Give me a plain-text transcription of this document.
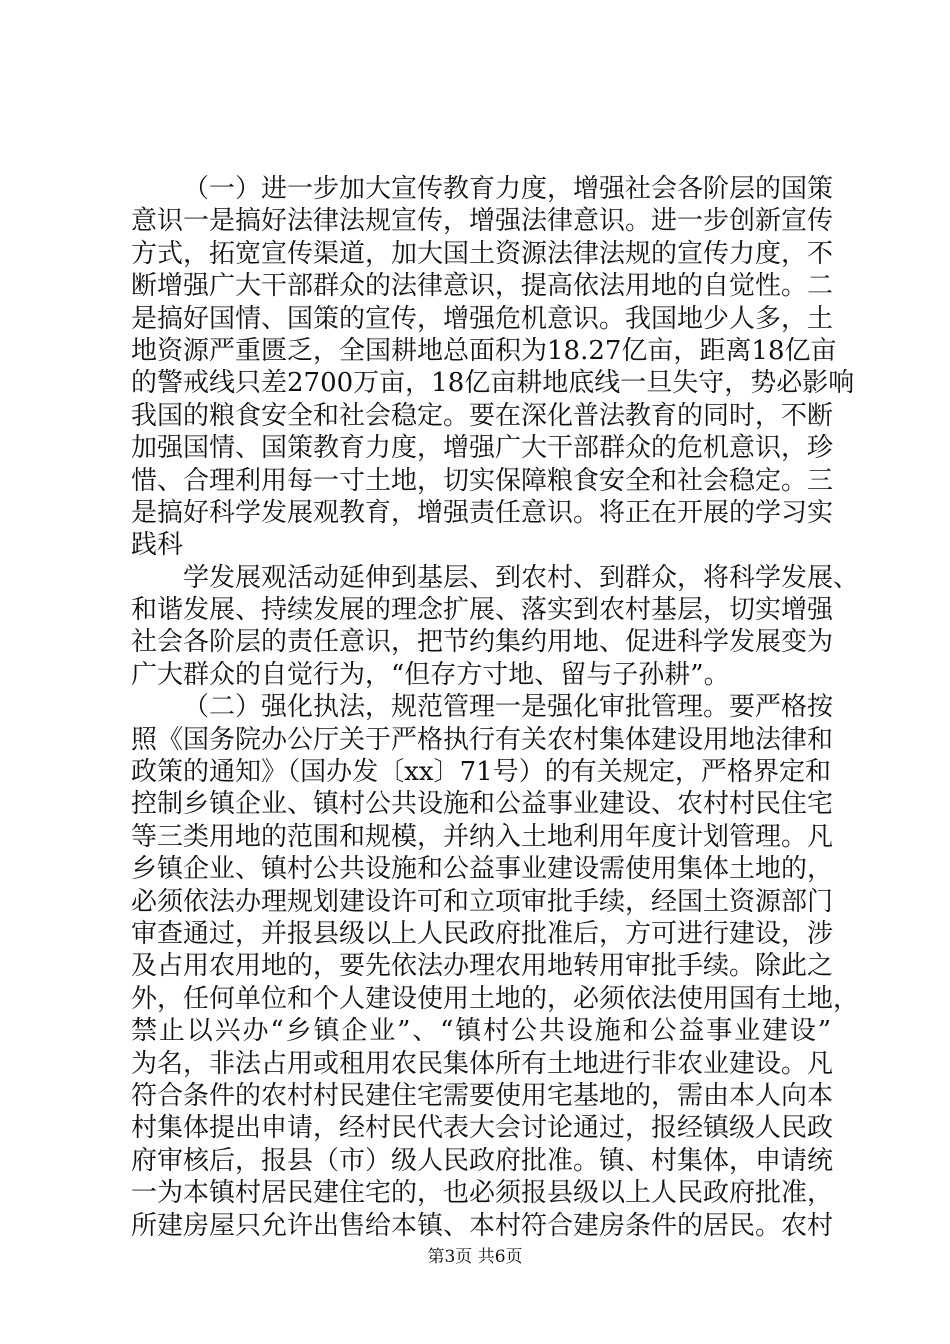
（一）进一步加大宣传教育力度，增强社会各阶层的国策
意识一是搞好法律法规宣传，增强法律意识。进一步创新宣传
方式，拓宽宣传渠道，加大国土资源法律法规的宣传力度，不
断增强广大干部群众的法律意识，提高依法用地的自觉性。二
是搞好国情、国策的宣传，增强危机意识。我国地少人多，土
地资源严重匮乏，全国耕地总面积为18.27亿亩，距离18亿亩
的警戒线只差2700万亩，18亿亩耕地底线一旦失守，势必影响
我国的粮食安全和社会稳定。要在深化普法教育的同时，不断
加强国情、国策教育力度，增强广大干部群众的危机意识，珍
惜、合理利用每一寸土地，切实保障粮食安全和社会稳定。三
是搞好科学发展观教育，增强责任意识。将正在开展的学习实
践科
学发展观活动延伸到基层、到农村、到群众，将科学发展、
和谐发展、持续发展的理念扩展、落实到农村基层，切实增强
社会各阶层的责任意识，把节约集约用地、促进科学发展变为
广大群众的自觉行为，“但存方寸地、留与子孙耕”。
（二）强化执法，规范管理一是强化审批管理。要严格按
照《国务院办公厅关于严格执行有关农村集体建设用地法律和
政策的通知》（国办发〔xx〕71号）的有关规定，严格界定和
控制乡镇企业、镇村公共设施和公益事业建设、农村村民住宅
等三类用地的范围和规模，并纳入土地利用年度计划管理。凡
乡镇企业、镇村公共设施和公益事业建设需使用集体土地的，
必须依法办理规划建设许可和立项审批手续，经国土资源部门
审查通过，并报县级以上人民政府批准后，方可进行建设，涉
及占用农用地的，要先依法办理农用地转用审批手续。除此之
外，任何单位和个人建设使用土地的，必须依法使用国有土地，
禁止以兴办“乡镇企业”、“镇村公共设施和公益事业建设”
为名，非法占用或租用农民集体所有土地进行非农业建设。凡
符合条件的农村村民建住宅需要使用宅基地的，需由本人向本
村集体提出申请，经村民代表大会讨论通过，报经镇级人民政
府审核后，报县（市）级人民政府批准。镇、村集体，申请统
一为本镇村居民建住宅的，也必须报县级以上人民政府批准，
所建房屋只允许出售给本镇、本村符合建房条件的居民。农村
第3页 共6页
